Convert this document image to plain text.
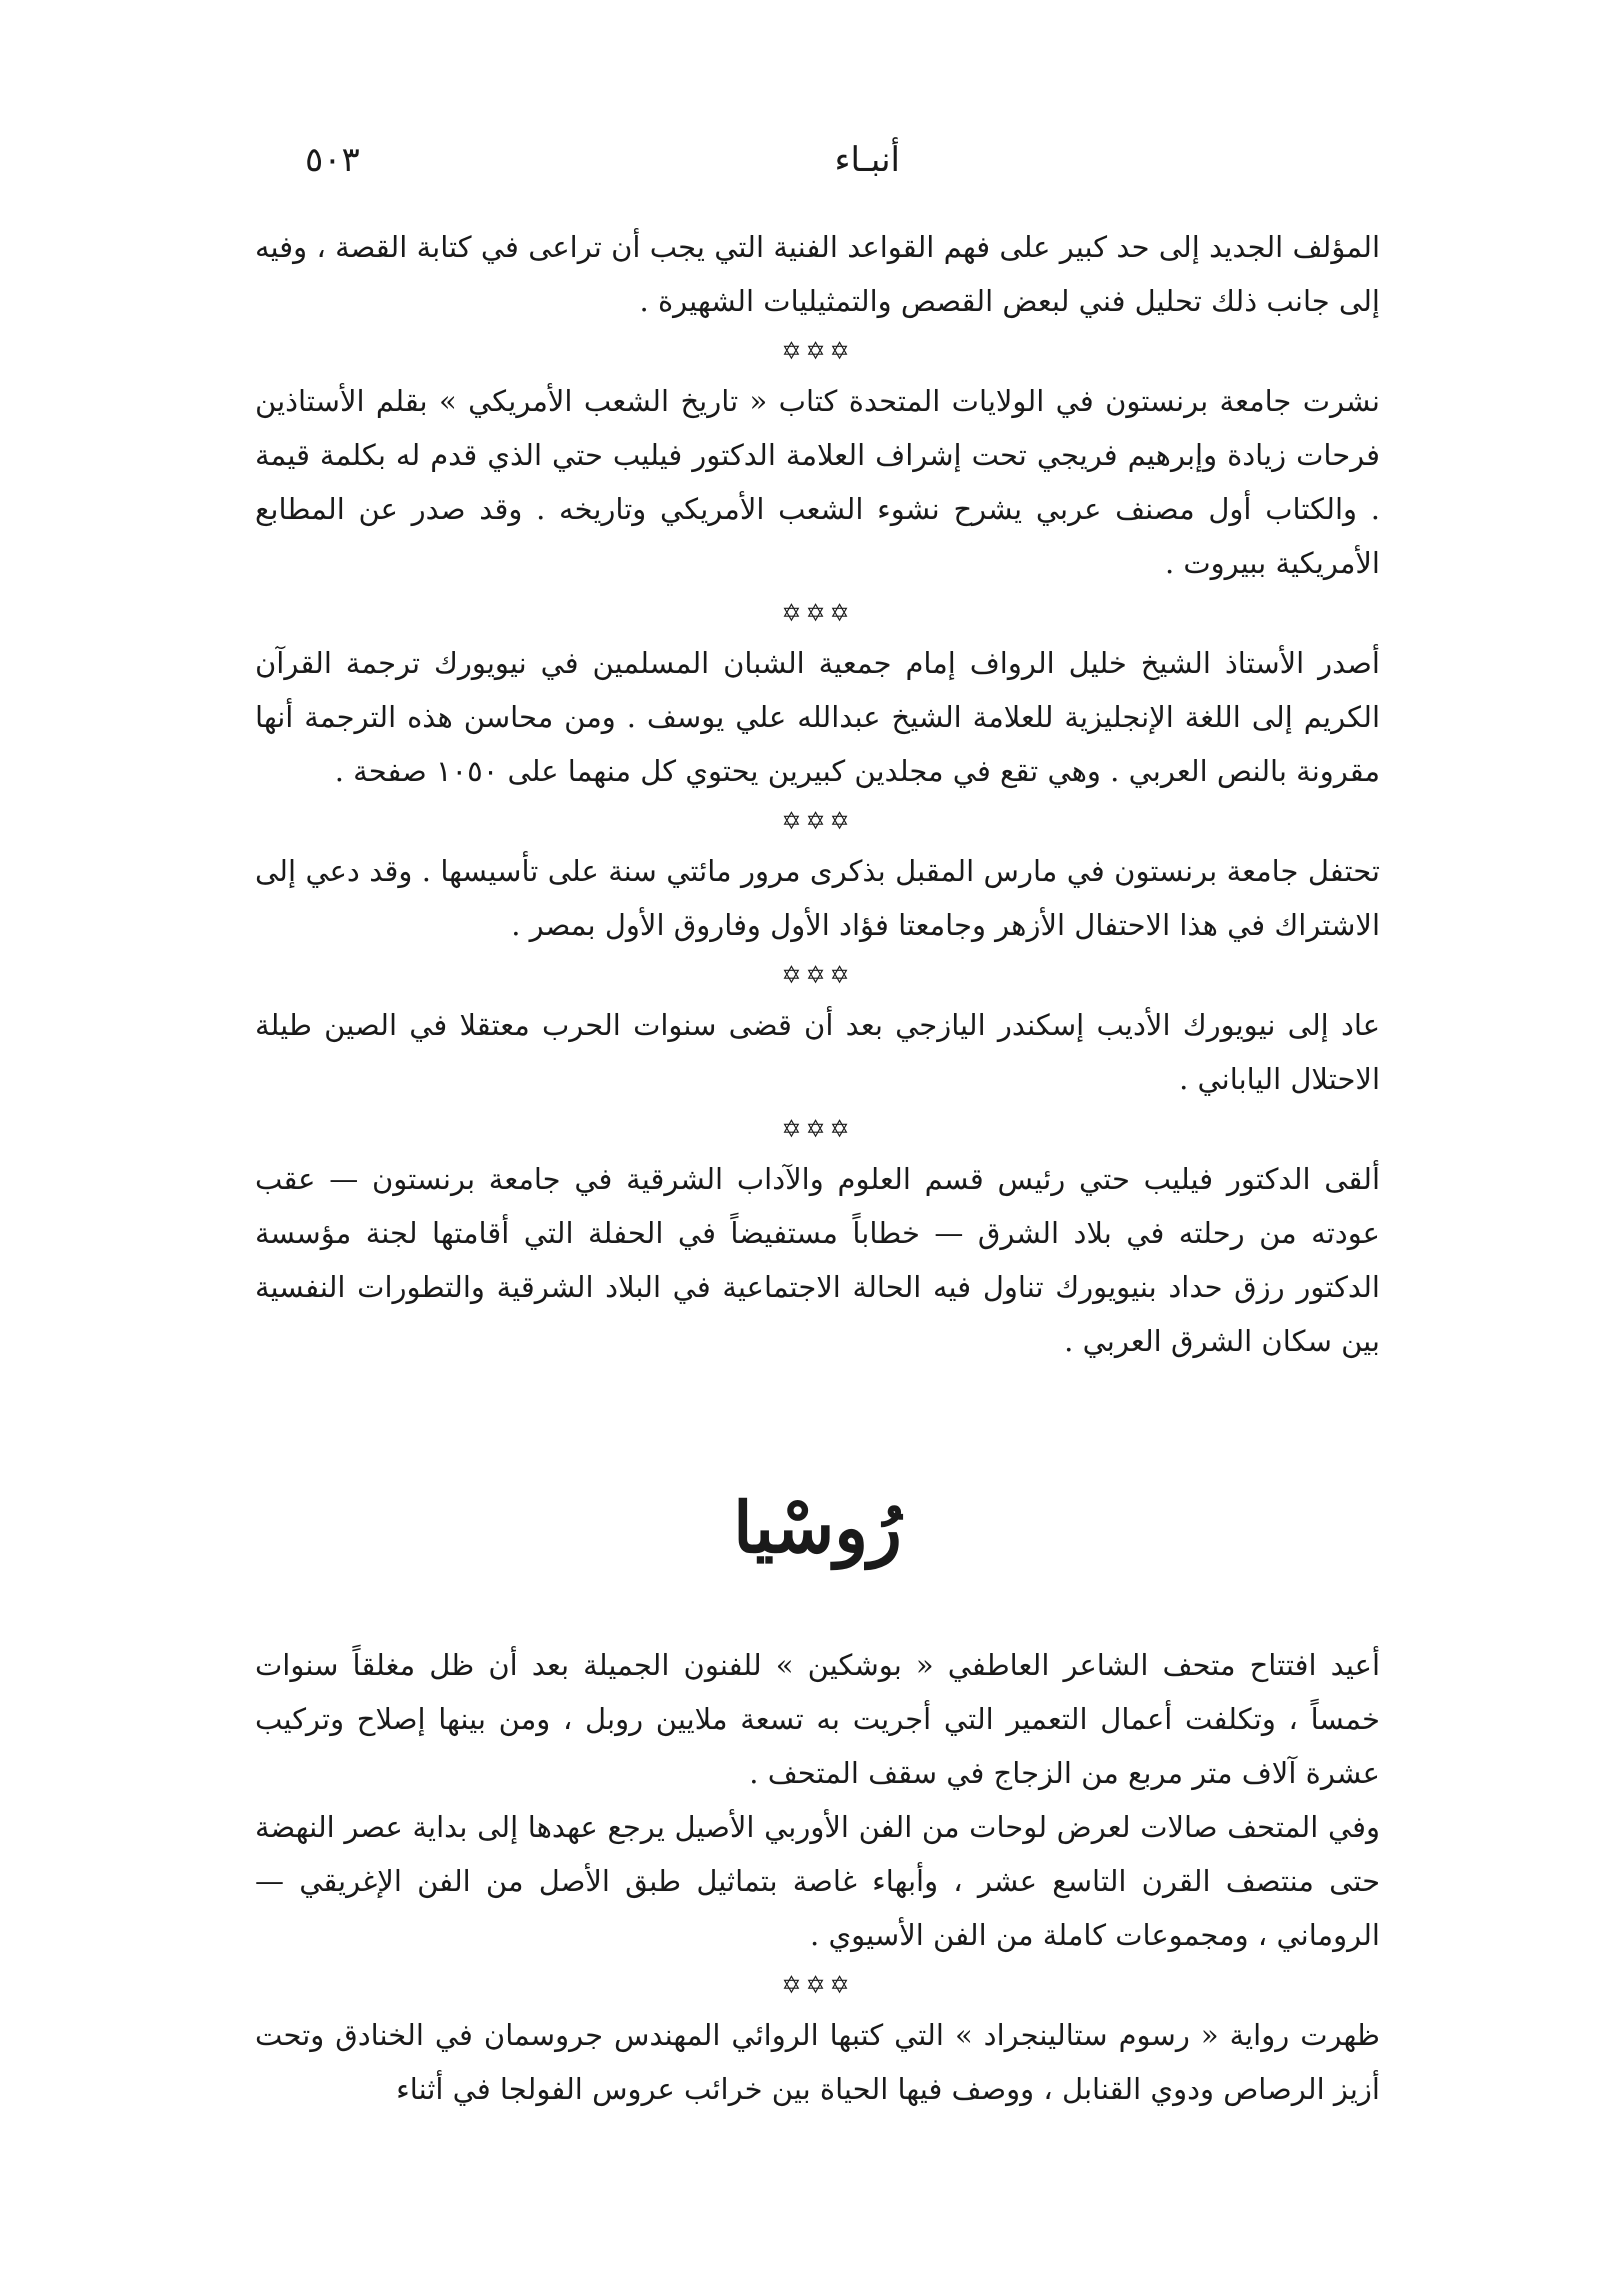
أنبـاء
٥٠٣

المؤلف الجديد إلى حد كبير على فهم القواعد الفنية التي يجب أن تراعى في كتابة القصة ، وفيه إلى جانب ذلك تحليل فني لبعض القصص والتمثيليات الشهيرة .

✡✡✡

نشرت جامعة برنستون في الولايات المتحدة كتاب « تاريخ الشعب الأمريكي » بقلم الأستاذين فرحات زيادة وإبرهيم فريجي تحت إشراف العلامة الدكتور فيليب حتي الذي قدم له بكلمة قيمة . والكتاب أول مصنف عربي يشرح نشوء الشعب الأمريكي وتاريخه . وقد صدر عن المطابع الأمريكية ببيروت .

✡✡✡

أصدر الأستاذ الشيخ خليل الرواف إمام جمعية الشبان المسلمين في نيويورك ترجمة القرآن الكريم إلى اللغة الإنجليزية للعلامة الشيخ عبدالله علي يوسف . ومن محاسن هذه الترجمة أنها مقرونة بالنص العربي . وهي تقع في مجلدين كبيرين يحتوي كل منهما على ١٠٥٠ صفحة .

✡✡✡

تحتفل جامعة برنستون في مارس المقبل بذكرى مرور مائتي سنة على تأسيسها . وقد دعي إلى الاشتراك في هذا الاحتفال الأزهر وجامعتا فؤاد الأول وفاروق الأول بمصر .

✡✡✡

عاد إلى نيويورك الأديب إسكندر اليازجي بعد أن قضى سنوات الحرب معتقلا في الصين طيلة الاحتلال الياباني .

✡✡✡

ألقى الدكتور فيليب حتي رئيس قسم العلوم والآداب الشرقية في جامعة برنستون — عقب عودته من رحلته في بلاد الشرق — خطاباً مستفيضاً في الحفلة التي أقامتها لجنة مؤسسة الدكتور رزق حداد بنيويورك تناول فيه الحالة الاجتماعية في البلاد الشرقية والتطورات النفسية بين سكان الشرق العربي .

رُوسْيا

أعيد افتتاح متحف الشاعر العاطفي « بوشكين » للفنون الجميلة بعد أن ظل مغلقاً سنوات خمساً ، وتكلفت أعمال التعمير التي أجريت به تسعة ملايين روبل ، ومن بينها إصلاح وتركيب عشرة آلاف متر مربع من الزجاج في سقف المتحف .

وفي المتحف صالات لعرض لوحات من الفن الأوربي الأصيل يرجع عهدها إلى بداية عصر النهضة حتى منتصف القرن التاسع عشر ، وأبهاء غاصة بتماثيل طبق الأصل من الفن الإغريقي — الروماني ، ومجموعات كاملة من الفن الأسيوي .

✡✡✡

ظهرت رواية « رسوم ستالينجراد » التي كتبها الروائي المهندس جروسمان في الخنادق وتحت أزيز الرصاص ودوي القنابل ، ووصف فيها الحياة بين خرائب عروس الفولجا في أثناء
